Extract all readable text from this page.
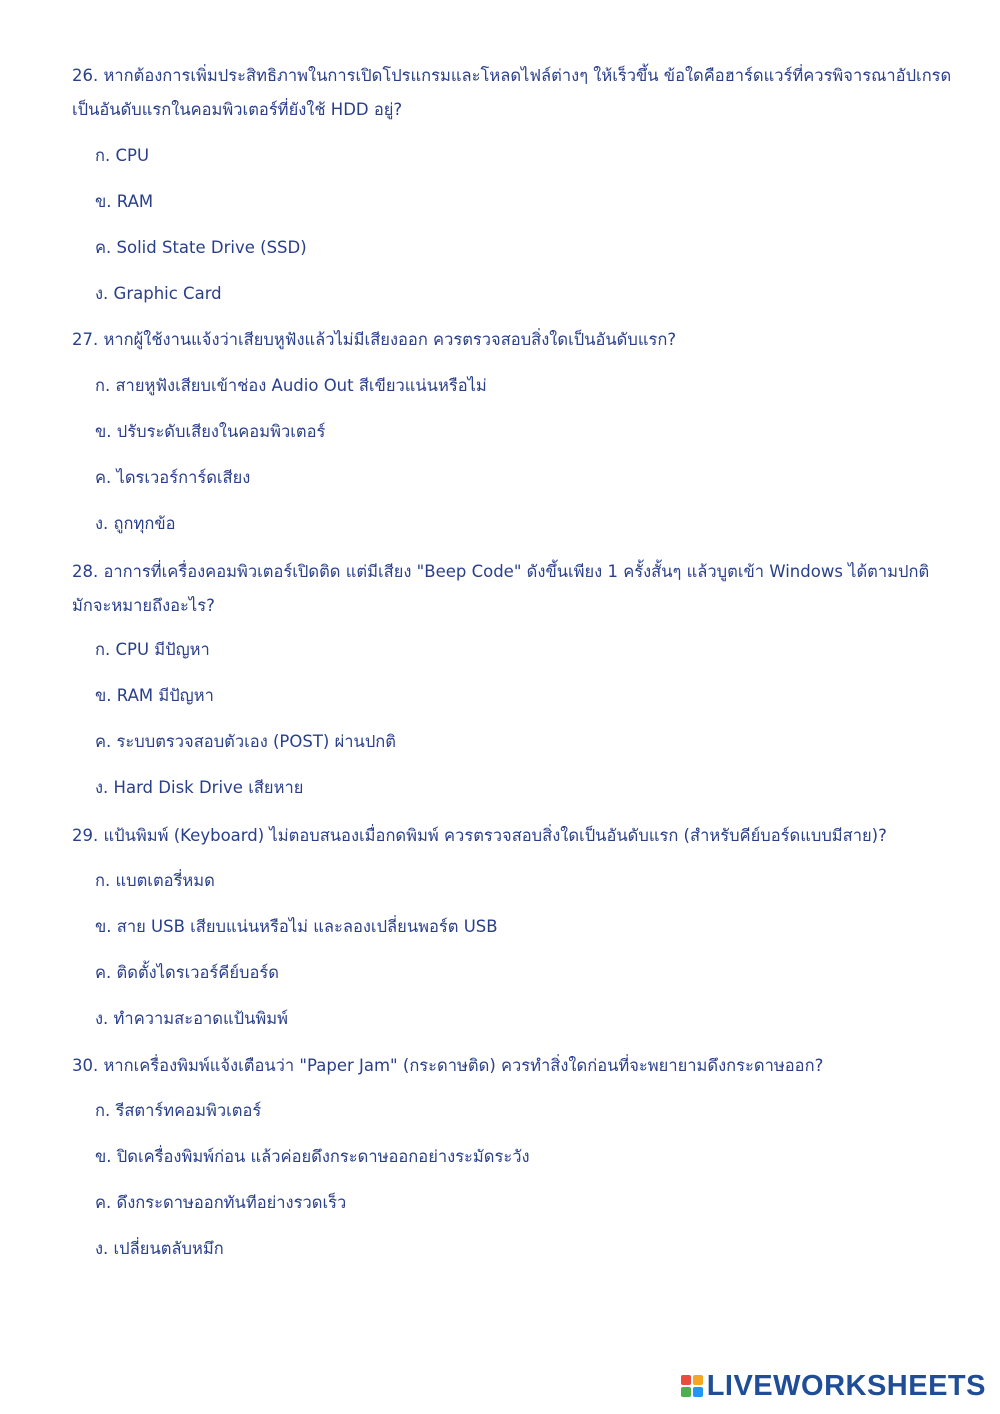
26. หากต้องการเพิ่มประสิทธิภาพในการเปิดโปรแกรมและโหลดไฟล์ต่างๆ ให้เร็วขึ้น ข้อใดคือฮาร์ดแวร์ที่ควรพิจารณาอัปเกรดเป็นอันดับแรกในคอมพิวเตอร์ที่ยังใช้ HDD อยู่?
ก. CPU
ข. RAM
ค. Solid State Drive (SSD)
ง. Graphic Card
27. หากผู้ใช้งานแจ้งว่าเสียบหูฟังแล้วไม่มีเสียงออก ควรตรวจสอบสิ่งใดเป็นอันดับแรก?
ก. สายหูฟังเสียบเข้าช่อง Audio Out สีเขียวแน่นหรือไม่
ข. ปรับระดับเสียงในคอมพิวเตอร์
ค. ไดรเวอร์การ์ดเสียง
ง. ถูกทุกข้อ
28. อาการที่เครื่องคอมพิวเตอร์เปิดติด แต่มีเสียง "Beep Code" ดังขึ้นเพียง 1 ครั้งสั้นๆ แล้วบูตเข้า Windows ได้ตามปกติ มักจะหมายถึงอะไร?
ก. CPU มีปัญหา
ข. RAM มีปัญหา
ค. ระบบตรวจสอบตัวเอง (POST) ผ่านปกติ
ง. Hard Disk Drive เสียหาย
29. แป้นพิมพ์ (Keyboard) ไม่ตอบสนองเมื่อกดพิมพ์ ควรตรวจสอบสิ่งใดเป็นอันดับแรก (สำหรับคีย์บอร์ดแบบมีสาย)?
ก. แบตเตอรี่หมด
ข. สาย USB เสียบแน่นหรือไม่ และลองเปลี่ยนพอร์ต USB
ค. ติดตั้งไดรเวอร์คีย์บอร์ด
ง. ทำความสะอาดแป้นพิมพ์
30. หากเครื่องพิมพ์แจ้งเตือนว่า "Paper Jam" (กระดาษติด) ควรทำสิ่งใดก่อนที่จะพยายามดึงกระดาษออก?
ก. รีสตาร์ทคอมพิวเตอร์
ข. ปิดเครื่องพิมพ์ก่อน แล้วค่อยดึงกระดาษออกอย่างระมัดระวัง
ค. ดึงกระดาษออกทันทีอย่างรวดเร็ว
ง. เปลี่ยนตลับหมึก
LIVEWORKSHEETS
